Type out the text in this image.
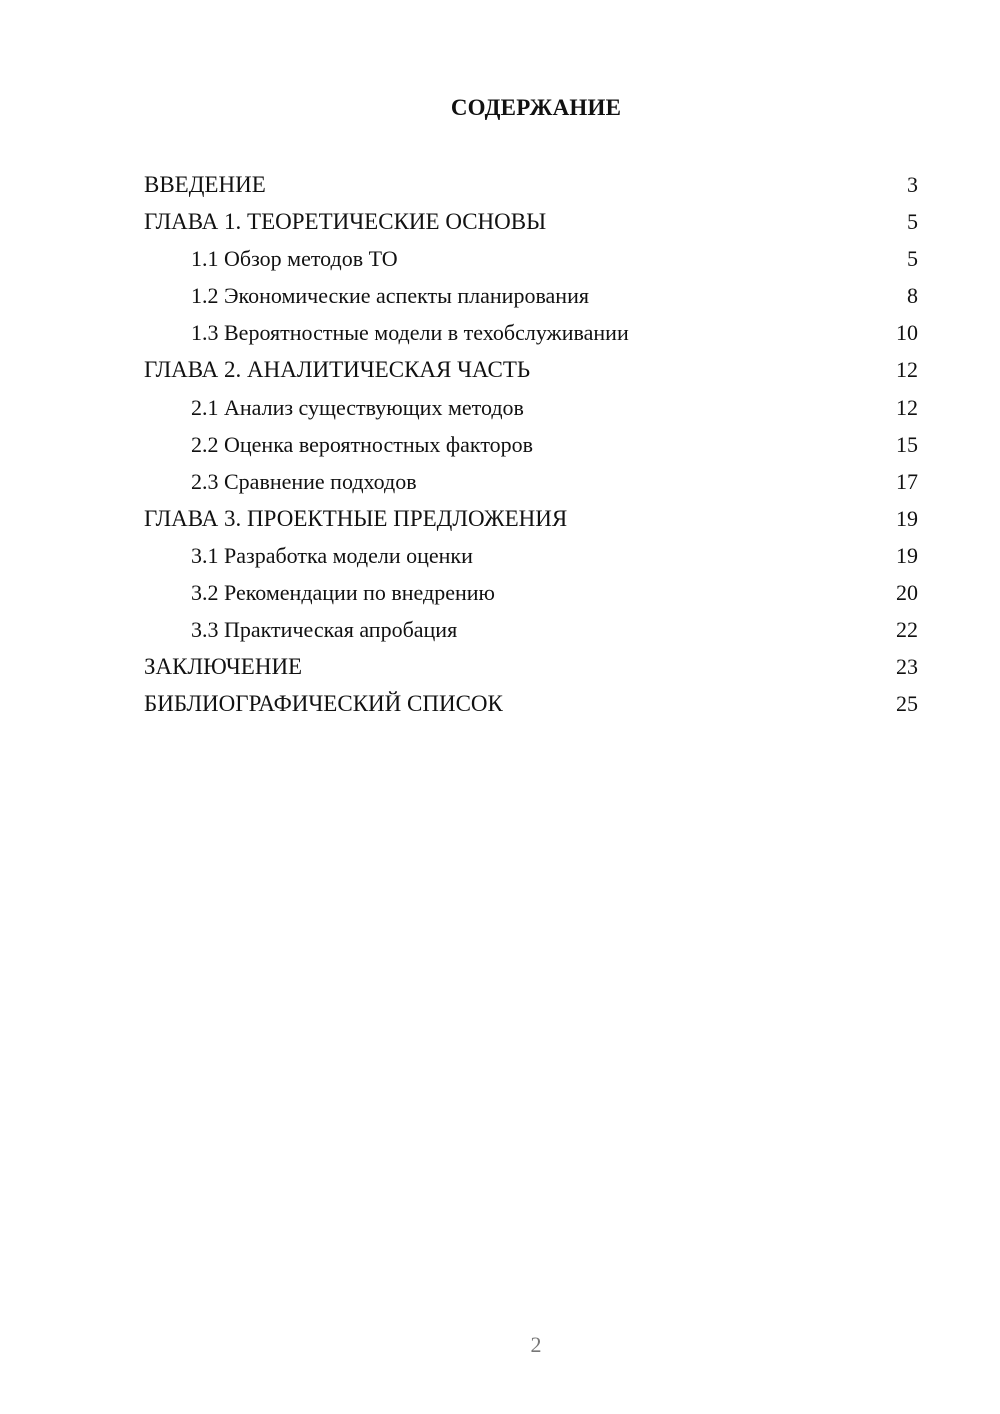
СОДЕРЖАНИЕ
ВВЕДЕНИЕ	3
ГЛАВА 1. ТЕОРЕТИЧЕСКИЕ ОСНОВЫ	5
1.1 Обзор методов ТО	5
1.2 Экономические аспекты планирования	8
1.3 Вероятностные модели в техобслуживании	10
ГЛАВА 2. АНАЛИТИЧЕСКАЯ ЧАСТЬ	12
2.1 Анализ существующих методов	12
2.2 Оценка вероятностных факторов	15
2.3 Сравнение подходов	17
ГЛАВА 3. ПРОЕКТНЫЕ ПРЕДЛОЖЕНИЯ	19
3.1 Разработка модели оценки	19
3.2 Рекомендации по внедрению	20
3.3 Практическая апробация	22
ЗАКЛЮЧЕНИЕ	23
БИБЛИОГРАФИЧЕСКИЙ СПИСОК	25
2
